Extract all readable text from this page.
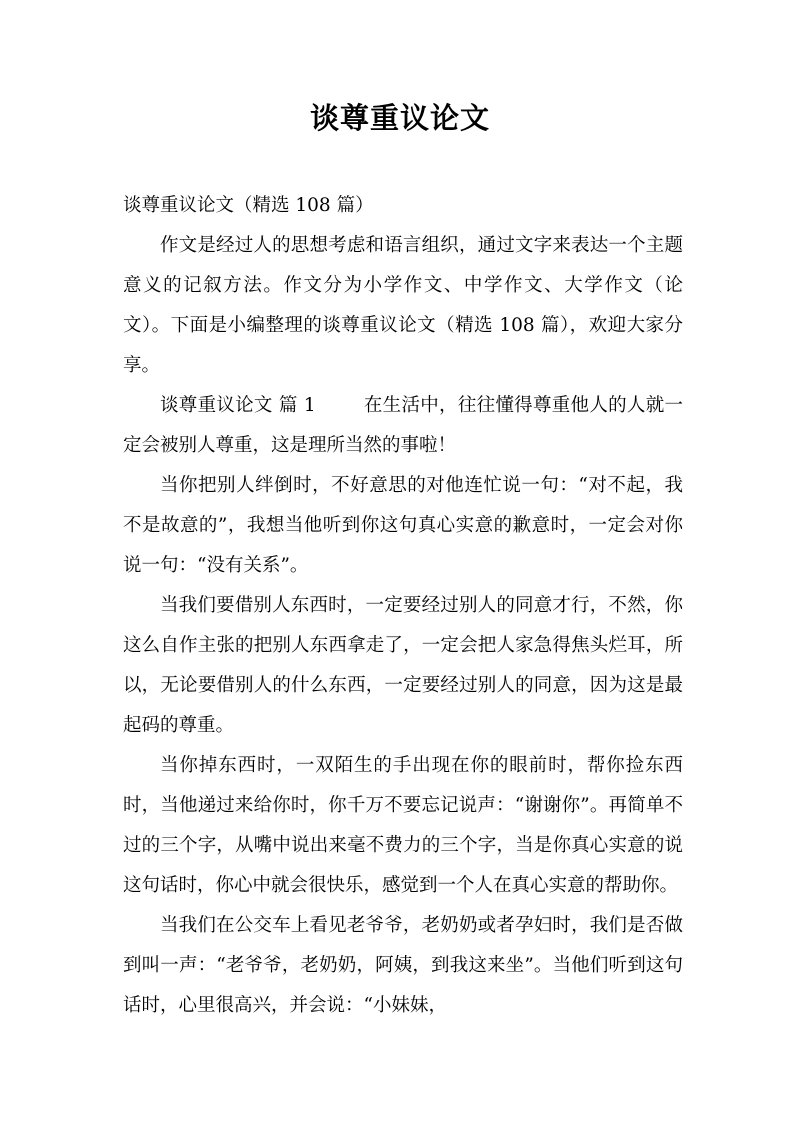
谈尊重议论文

谈尊重议论文（精选 108 篇）

作文是经过人的思想考虑和语言组织，通过文字来表达一个主题意义的记叙方法。作文分为小学作文、中学作文、大学作文（论文）。下面是小编整理的谈尊重议论文（精选 108 篇），欢迎大家分享。

谈尊重议论文 篇 1	在生活中，往往懂得尊重他人的人就一定会被别人尊重，这是理所当然的事啦！

当你把别人绊倒时，不好意思的对他连忙说一句：“对不起，我不是故意的”，我想当他听到你这句真心实意的歉意时，一定会对你说一句：“没有关系”。

当我们要借别人东西时，一定要经过别人的同意才行，不然，你这么自作主张的把别人东西拿走了，一定会把人家急得焦头烂耳，所以，无论要借别人的什么东西，一定要经过别人的同意，因为这是最起码的尊重。

当你掉东西时，一双陌生的手出现在你的眼前时，帮你捡东西时，当他递过来给你时，你千万不要忘记说声：“谢谢你”。再简单不过的三个字，从嘴中说出来毫不费力的三个字，当是你真心实意的说这句话时，你心中就会很快乐，感觉到一个人在真心实意的帮助你。

当我们在公交车上看见老爷爷，老奶奶或者孕妇时，我们是否做到叫一声：“老爷爷，老奶奶，阿姨，到我这来坐”。当他们听到这句话时，心里很高兴，并会说：“小妹妹，
